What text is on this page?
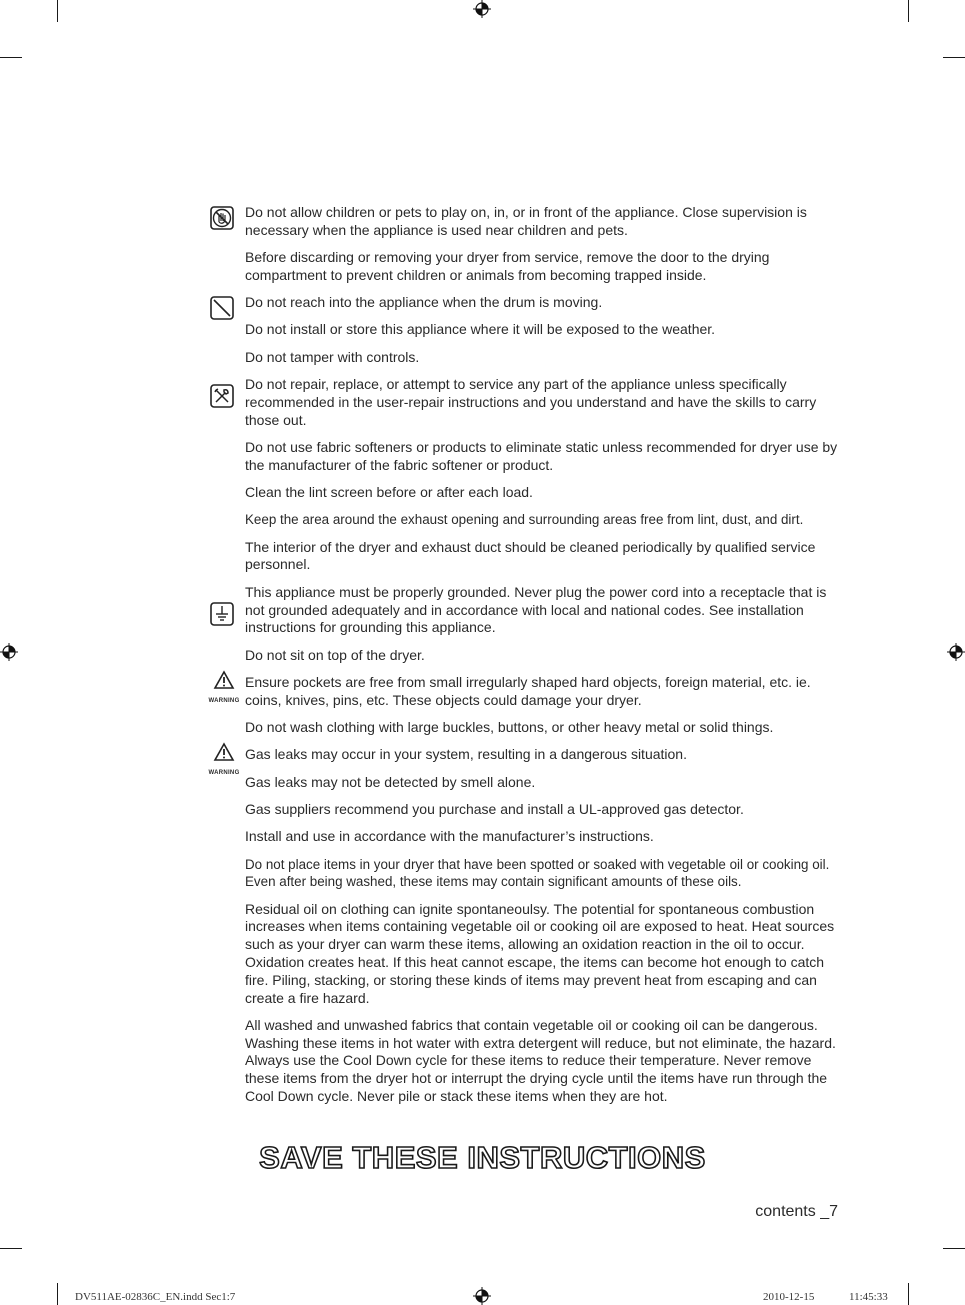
Do not allow children or pets to play on, in, or in front of the appliance. Close supervision is necessary when the appliance is used near children and pets.

Before discarding or removing your dryer from service, remove the door to the drying compartment to prevent children or animals from becoming trapped inside.

Do not reach into the appliance when the drum is moving.

Do not install or store this appliance where it will be exposed to the weather.

Do not tamper with controls.

Do not repair, replace, or attempt to service any part of the appliance unless specifically recommended in the user-repair instructions and you understand and have the skills to carry those out.

Do not use fabric softeners or products to eliminate static unless recommended for dryer use by the manufacturer of the fabric softener or product.

Clean the lint screen before or after each load.

Keep the area around the exhaust opening and surrounding areas free from lint, dust, and dirt.

The interior of the dryer and exhaust duct should be cleaned periodically by qualified service personnel.

This appliance must be properly grounded. Never plug the power cord into a receptacle that is not grounded adequately and in accordance with local and national codes. See installation instructions for grounding this appliance.

Do not sit on top of the dryer.

WARNING
Ensure pockets are free from small irregularly shaped hard objects, foreign material, etc. ie. coins, knives, pins, etc. These objects could damage your dryer.

Do not wash clothing with large buckles, buttons, or other heavy metal or solid things.

WARNING
Gas leaks may occur in your system, resulting in a dangerous situation.

Gas leaks may not be detected by smell alone.

Gas suppliers recommend you purchase and install a UL-approved gas detector.

Install and use in accordance with the manufacturer’s instructions.

Do not place items in your dryer that have been spotted or soaked with vegetable oil or cooking oil. Even after being washed, these items may contain significant amounts of these oils.

Residual oil on clothing can ignite spontaneoulsy. The potential for spontaneous combustion increases when items containing vegetable oil or cooking oil are exposed to heat. Heat sources such as your dryer can warm these items, allowing an oxidation reaction in the oil to occur. Oxidation creates heat. If this heat cannot escape, the items can become hot enough to catch fire. Piling, stacking, or storing these kinds of items may prevent heat from escaping and can create a fire hazard.

All washed and unwashed fabrics that contain vegetable oil or cooking oil can be dangerous. Washing these items in hot water with extra detergent will reduce, but not eliminate, the hazard. Always use the Cool Down cycle for these items to reduce their temperature. Never remove these items from the dryer hot or interrupt the drying cycle until the items have run through the Cool Down cycle. Never pile or stack these items when they are hot.

SAVE THESE INSTRUCTIONS
contents _7
DV511AE-02836C_EN.indd Sec1:7	2010-12-15	11:45:33
